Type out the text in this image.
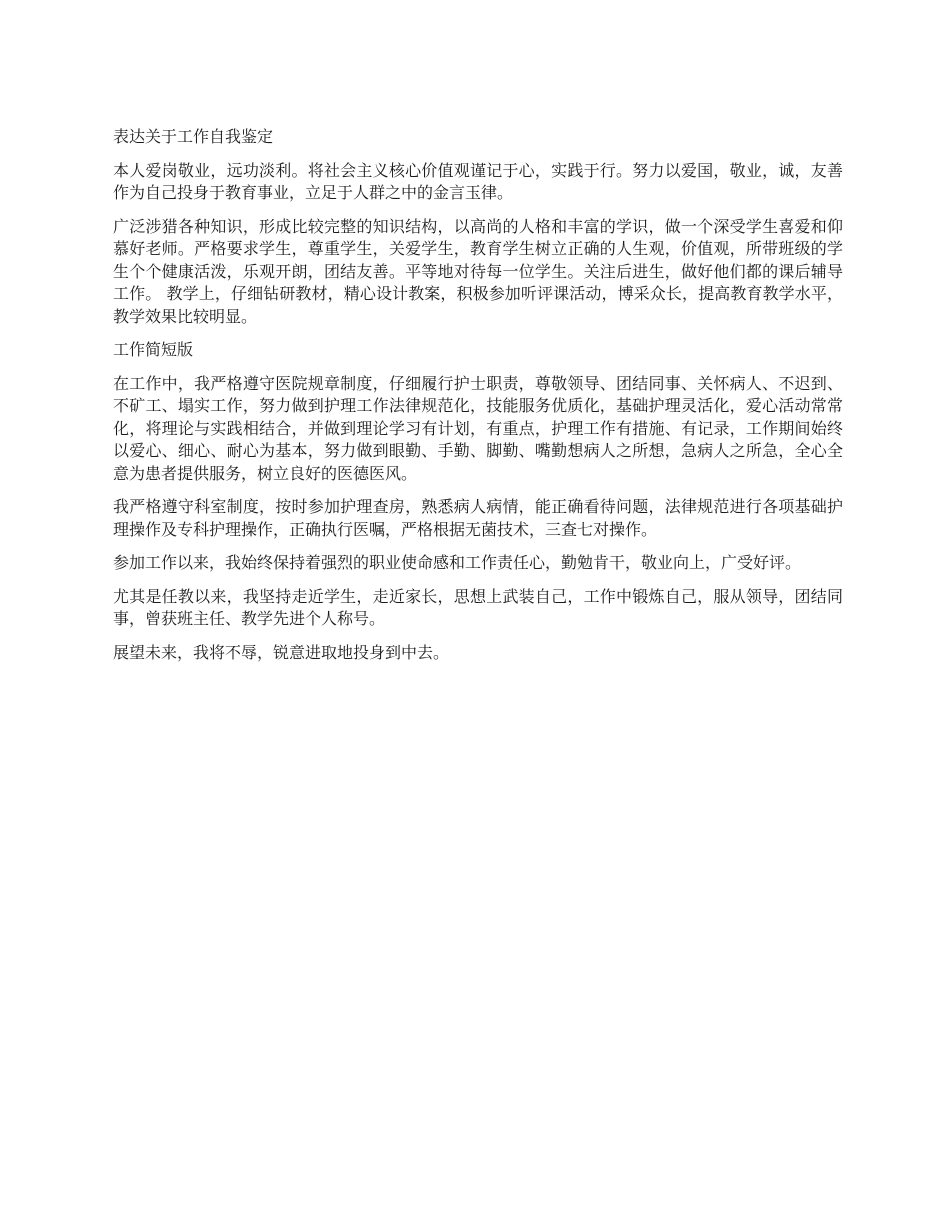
表达关于工作自我鉴定

本人爱岗敬业，远功淡利。将社会主义核心价值观谨记于心，实践于行。努力以爱国，敬业，诚，友善作为自己投身于教育事业，立足于人群之中的金言玉律。

广泛涉猎各种知识，形成比较完整的知识结构，以高尚的人格和丰富的学识，做一个深受学生喜爱和仰慕好老师。严格要求学生，尊重学生，关爱学生，教育学生树立正确的人生观，价值观，所带班级的学生个个健康活泼，乐观开朗，团结友善。平等地对待每一位学生。关注后进生，做好他们都的课后辅导工作。 教学上，仔细钻研教材，精心设计教案，积极参加听评课活动，博采众长，提高教育教学水平，教学效果比较明显。

工作简短版

在工作中，我严格遵守医院规章制度，仔细履行护士职责，尊敬领导、团结同事、关怀病人、不迟到、不矿工、塌实工作，努力做到护理工作法律规范化，技能服务优质化，基础护理灵活化，爱心活动常常化，将理论与实践相结合，并做到理论学习有计划，有重点，护理工作有措施、有记录，工作期间始终以爱心、细心、耐心为基本，努力做到眼勤、手勤、脚勤、嘴勤想病人之所想，急病人之所急，全心全意为患者提供服务，树立良好的医德医风。

我严格遵守科室制度，按时参加护理查房，熟悉病人病情，能正确看待问题，法律规范进行各项基础护理操作及专科护理操作，正确执行医嘱，严格根据无菌技术，三查七对操作。

参加工作以来，我始终保持着强烈的职业使命感和工作责任心，勤勉肯干，敬业向上，广受好评。

尤其是任教以来，我坚持走近学生，走近家长，思想上武装自己，工作中锻炼自己，服从领导，团结同事，曾获班主任、教学先进个人称号。

展望未来，我将不辱，锐意进取地投身到中去。
